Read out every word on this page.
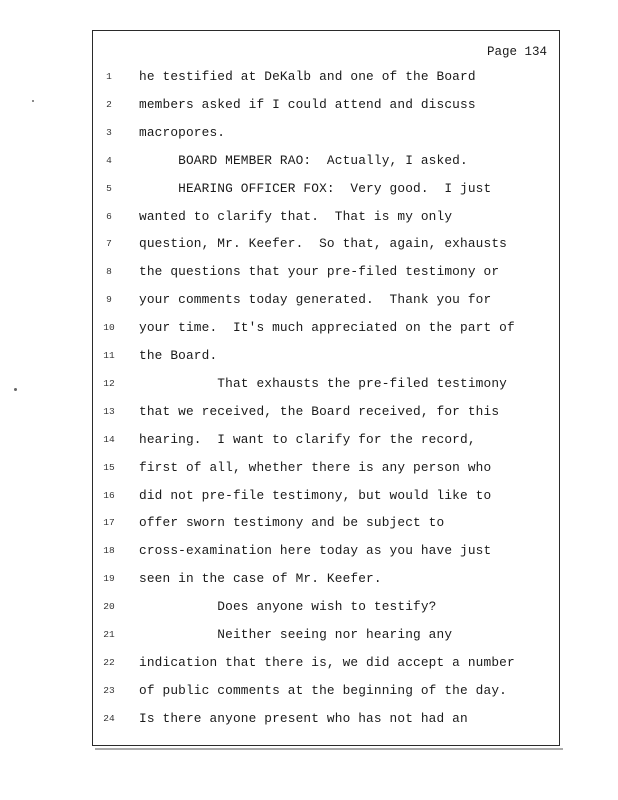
Page 134
1	he testified at DeKalb and one of the Board
2	members asked if I could attend and discuss
3	macropores.
4	BOARD MEMBER RAO:  Actually, I asked.
5	HEARING OFFICER FOX:  Very good.  I just
6	wanted to clarify that.  That is my only
7	question, Mr. Keefer.  So that, again, exhausts
8	the questions that your pre-filed testimony or
9	your comments today generated.  Thank you for
10	your time.  It's much appreciated on the part of
11	the Board.
12	That exhausts the pre-filed testimony
13	that we received, the Board received, for this
14	hearing.  I want to clarify for the record,
15	first of all, whether there is any person who
16	did not pre-file testimony, but would like to
17	offer sworn testimony and be subject to
18	cross-examination here today as you have just
19	seen in the case of Mr. Keefer.
20	Does anyone wish to testify?
21	Neither seeing nor hearing any
22	indication that there is, we did accept a number
23	of public comments at the beginning of the day.
24	Is there anyone present who has not had an
